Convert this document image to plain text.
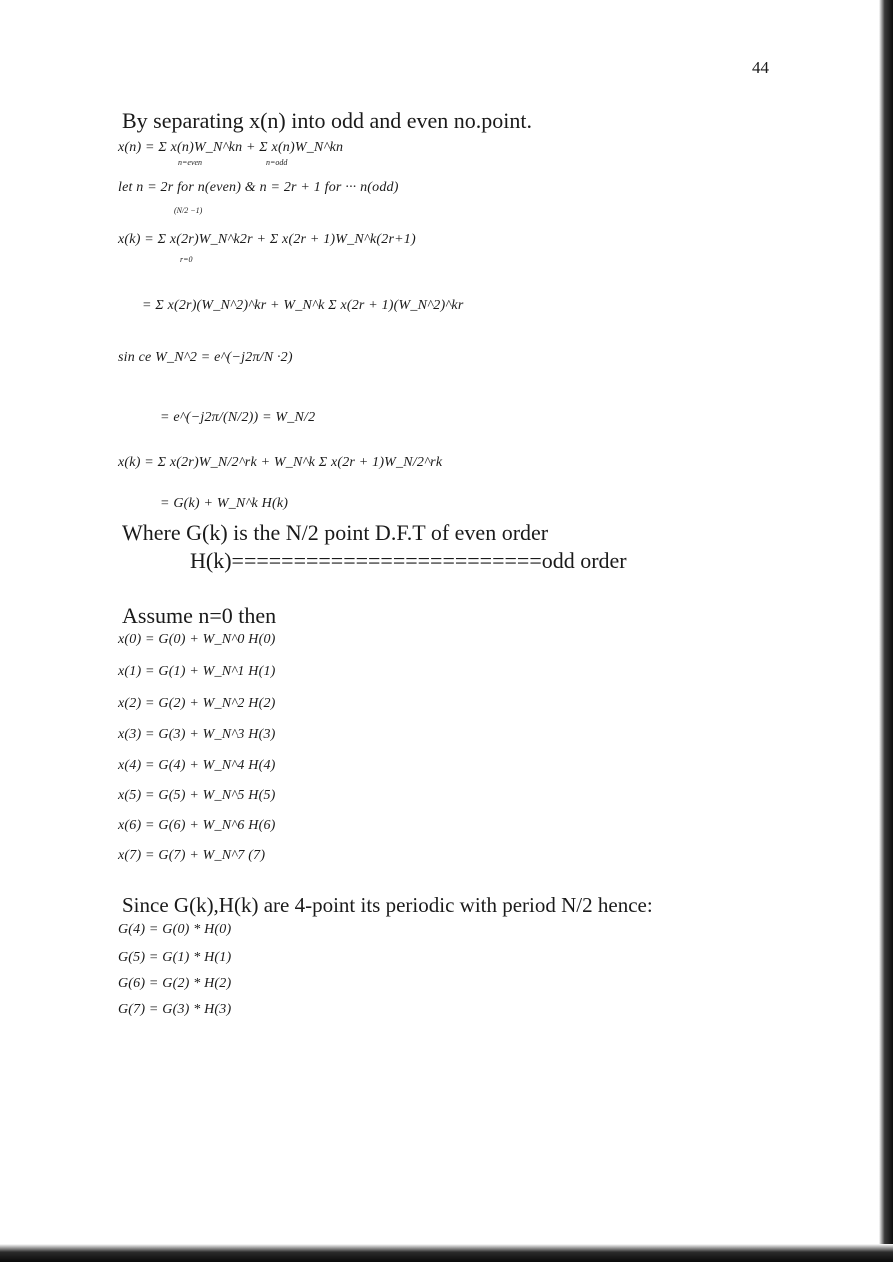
44
By separating x(n) into odd and even no.point.
x(n) = Σ x(n)W_N^kn + Σ x(n)W_N^kn
n=even	n=odd
let n = 2r for n(even) & n = 2r + 1 for ··· n(odd)
(N/2 −1)
x(k) = Σ x(2r)W_N^k2r + Σ x(2r + 1)W_N^k(2r+1)
r=0
= Σ x(2r)(W_N^2)^kr + W_N^k Σ x(2r + 1)(W_N^2)^kr
sin ce W_N^2 = e^(−j2π/N ·2)
= e^(−j2π/(N/2)) = W_N/2
x(k) = Σ x(2r)W_N/2^rk + W_N^k Σ x(2r + 1)W_N/2^rk
= G(k) + W_N^k H(k)
Where G(k) is the N/2 point D.F.T of even order
H(k)=========================odd order
Assume n=0 then
x(0) = G(0) + W_N^0 H(0)
x(1) = G(1) + W_N^1 H(1)
x(2) = G(2) + W_N^2 H(2)
x(3) = G(3) + W_N^3 H(3)
x(4) = G(4) + W_N^4 H(4)
x(5) = G(5) + W_N^5 H(5)
x(6) = G(6) + W_N^6 H(6)
x(7) = G(7) + W_N^7 (7)
Since G(k),H(k) are 4-point its periodic with period N/2 hence:
G(4) = G(0) * H(0)
G(5) = G(1) * H(1)
G(6) = G(2) * H(2)
G(7) = G(3) * H(3)
